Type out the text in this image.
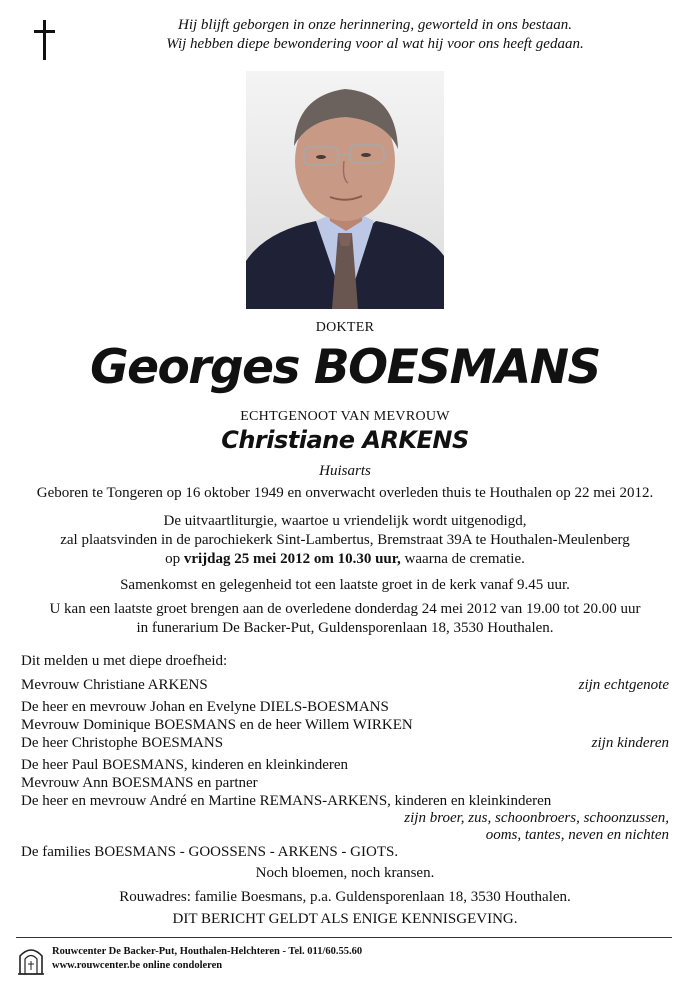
Hij blijft geborgen in onze herinnering, geworteld in ons bestaan.
Wij hebben diepe bewondering voor al wat hij voor ons heeft gedaan.
DOKTER
Georges BOESMANS
ECHTGENOOT VAN MEVROUW
Christiane ARKENS
Huisarts
Geboren te Tongeren op 16 oktober 1949 en onverwacht overleden thuis te Houthalen op 22 mei 2012.
De uitvaartliturgie, waartoe u vriendelijk wordt uitgenodigd,
zal plaatsvinden in de parochiekerk Sint-Lambertus, Bremstraat 39A te Houthalen-Meulenberg
op vrijdag 25 mei 2012 om 10.30 uur, waarna de crematie.
Samenkomst en gelegenheid tot een laatste groet in de kerk vanaf 9.45 uur.
U kan een laatste groet brengen aan de overledene donderdag 24 mei 2012 van 19.00 tot 20.00 uur
in funerarium De Backer-Put, Guldensporenlaan 18, 3530 Houthalen.
Dit melden u met diepe droefheid:
Mevrouw Christiane ARKENS	zijn echtgenote
De heer en mevrouw Johan en Evelyne DIELS-BOESMANS
Mevrouw Dominique BOESMANS en de heer Willem WIRKEN
De heer Christophe BOESMANS	zijn kinderen
De heer Paul BOESMANS, kinderen en kleinkinderen
Mevrouw Ann BOESMANS en partner
De heer en mevrouw André en Martine REMANS-ARKENS, kinderen en kleinkinderen
zijn broer, zus, schoonbroers, schoonzussen,
ooms, tantes, neven en nichten
De families BOESMANS - GOOSSENS - ARKENS - GIOTS.
Noch bloemen, noch kransen.
Rouwadres: familie Boesmans, p.a. Guldensporenlaan 18, 3530 Houthalen.
DIT BERICHT GELDT ALS ENIGE KENNISGEVING.
Rouwcenter De Backer-Put, Houthalen-Helchteren - Tel. 011/60.55.60
www.rouwcenter.be online condoleren
